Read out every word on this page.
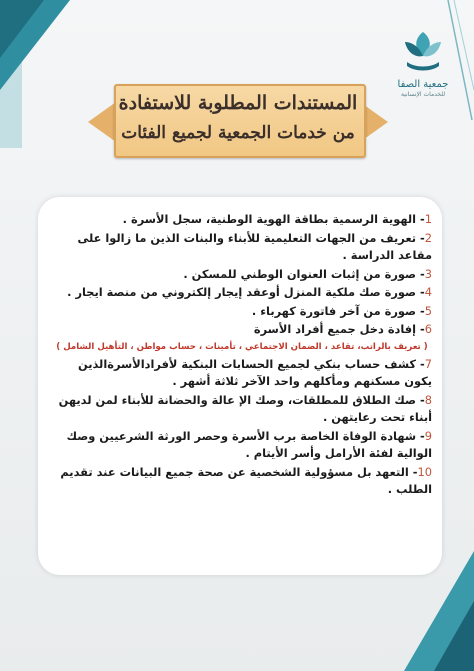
جمعية الصفا
للخدمات الإنسانية
المستندات المطلوبة للاستفادة
من خدمات الجمعية لجميع الفئات
1- الهوية الرسمية بطاقة الهوية الوطنية، سجل الأسرة .
2- تعريف من الجهات التعليمية للأبناء والبنات الذين ما زالوا على مقاعد الدراسة .
3- صورة من إثبات العنوان الوطني للمسكن .
4- صورة صك ملكية المنزل أوعقد إيجار إلكتروني من منصة ايجار .
5- صورة من آخر فاتورة كهرباء .
6- إفادة دخل جميع أفراد الأسرة
( تعريف بالراتب، تقاعد ، الضمان الاجتماعي ، تأمينات ، حساب مواطن ، التأهيل الشامل )
7- كشف حساب بنكي لجميع الحسابات البنكية لأفرادالأسرةالذين يكون مسكنهم ومأكلهم واحد الآخر ثلاثة أشهر .
8- صك الطلاق للمطلقات، وصك الإ عالة والحضانة للأبناء لمن لديهن أبناء تحت رعايتهن .
9- شهادة الوفاة الخاصة برب الأسرة وحصر الورثة الشرعيين وصك الوالية لفئة الأرامل وأسر الأيتام .
10- التعهد بل مسؤولية الشخصية عن صحة جميع البيانات عند تقديم الطلب .
